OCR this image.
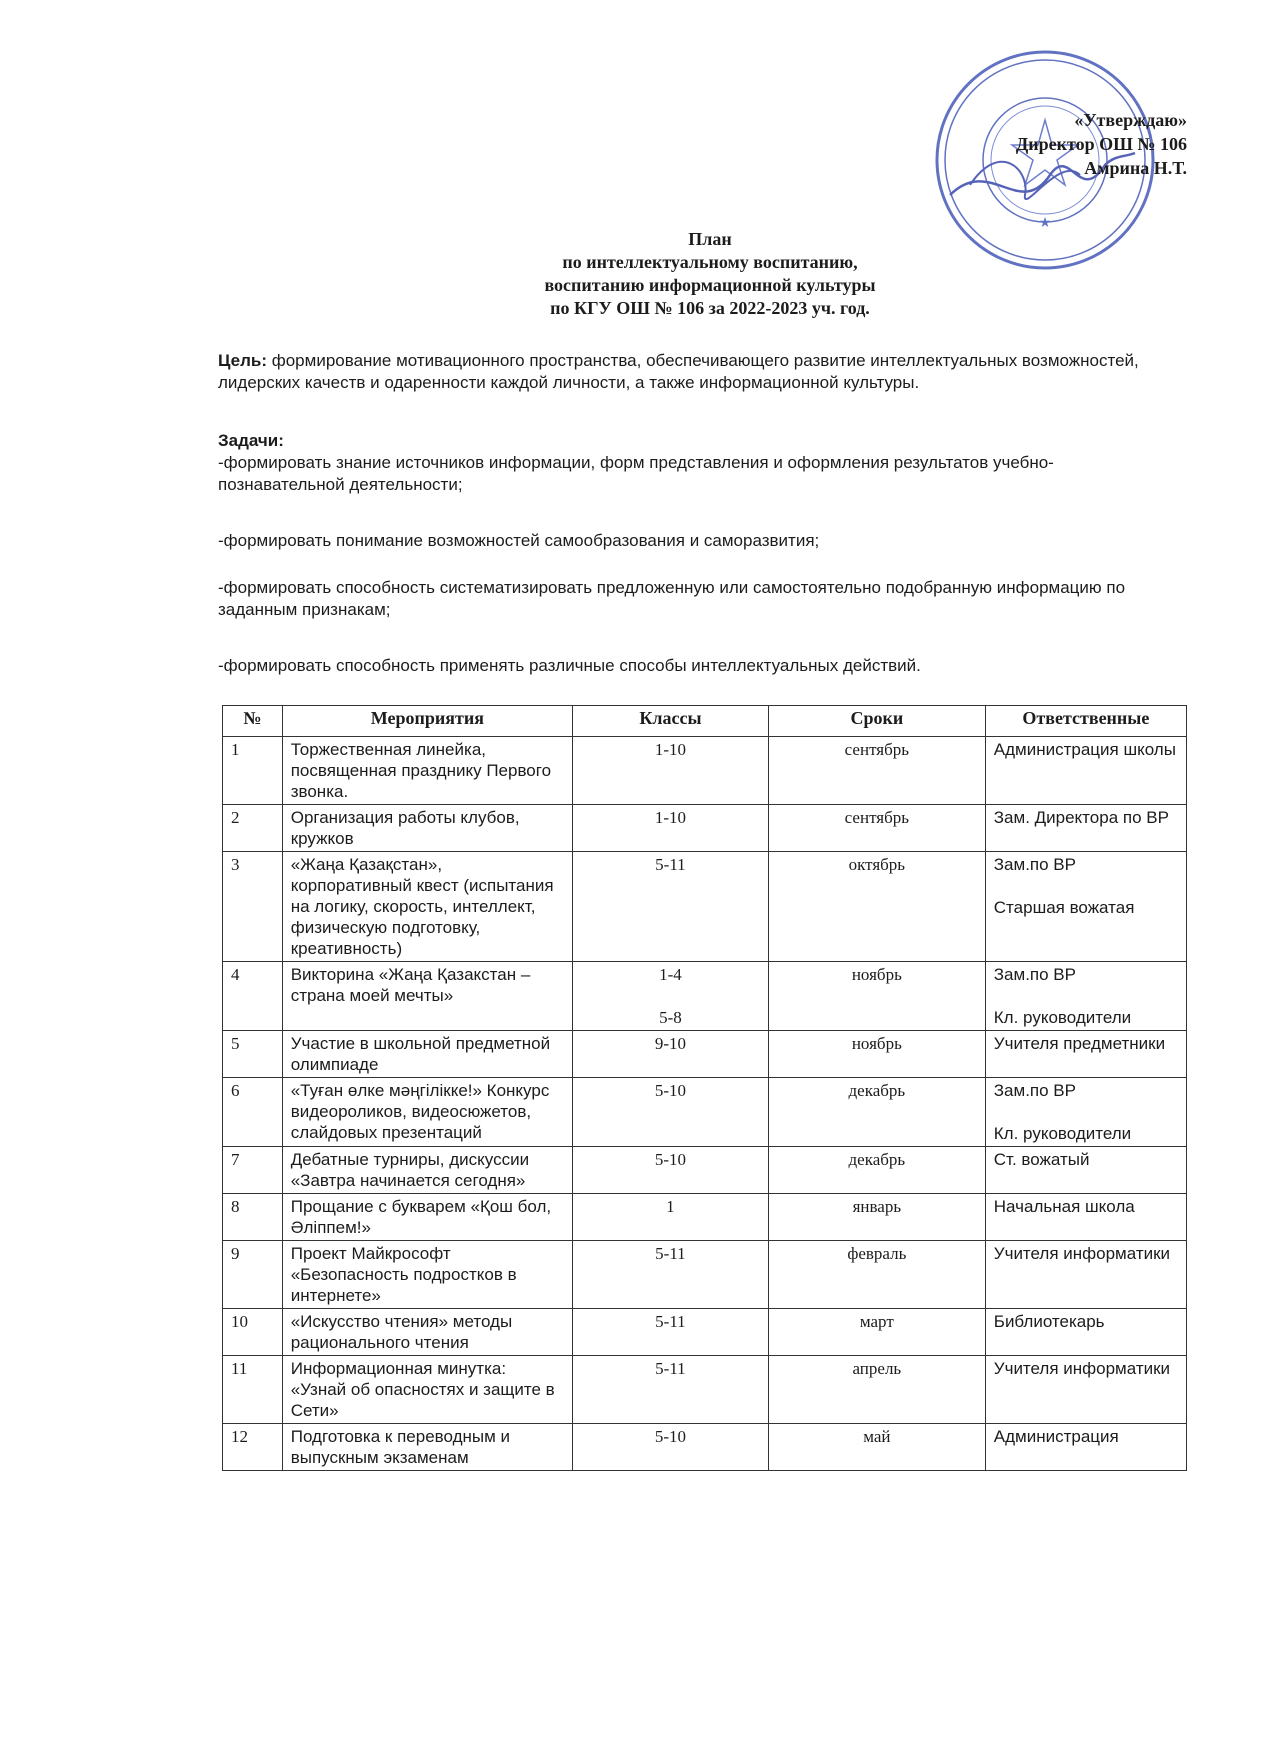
★
«Утверждаю»
Директор ОШ № 106
Амрина Н.Т.
План
по интеллектуальному воспитанию,
воспитанию информационной культуры
по КГУ ОШ № 106 за 2022-2023 уч. год.
Цель: формирование мотивационного пространства, обеспечивающего развитие интеллектуальных возможностей, лидерских качеств и одаренности каждой личности, а также информационной культуры.
Задачи:

-формировать знание источников информации, форм представления и оформления результатов учебно-познавательной деятельности;

-формировать понимание возможностей самообразования и саморазвития;

-формировать способность систематизировать предложенную или самостоятельно подобранную информацию по заданным признакам;

-формировать способность применять различные способы интеллектуальных действий.

№	Мероприятия	Классы	Сроки	Ответственные
1	Торжественная линейка, посвященная празднику Первого звонка.	1-10	сентябрь	Администрация школы

2	Организация работы клубов, кружков	1-10	сентябрь	Зам. Директора по ВР

3	«Жаңа Қазақстан», корпоративный квест (испытания на логику, скорость, интеллект, физическую подготовку, креативность)	5-11	октябрь	Зам.по ВР
Старшая вожатая

4	Викторина «Жаңа Қазакстан – страна моей мечты»	1-4
5-8	ноябрь	Зам.по ВР
Кл. руководители

5	Участие в школьной предметной олимпиаде	9-10	ноябрь	Учителя предметники

6	«Туған өлке мәңгілікке!» Конкурс видеороликов, видеосюжетов, слайдовых презентаций	5-10	декабрь	Зам.по ВР
Кл. руководители

7	Дебатные турниры, дискуссии «Завтра начинается сегодня»	5-10	декабрь	Ст. вожатый

8	Прощание с букварем «Қош бол, Әліппем!»	1	январь	Начальная школа

9	Проект Майкрософт «Безопасность подростков в интернете»	5-11	февраль	Учителя информатики

10	«Искусство чтения» методы рационального чтения	5-11	март	Библиотекарь

11	Информационная минутка: «Узнай об опасностях и защите в Сети»	5-11	апрель	Учителя информатики

12	Подготовка к переводным и выпускным экзаменам	5-10	май	Администрация
